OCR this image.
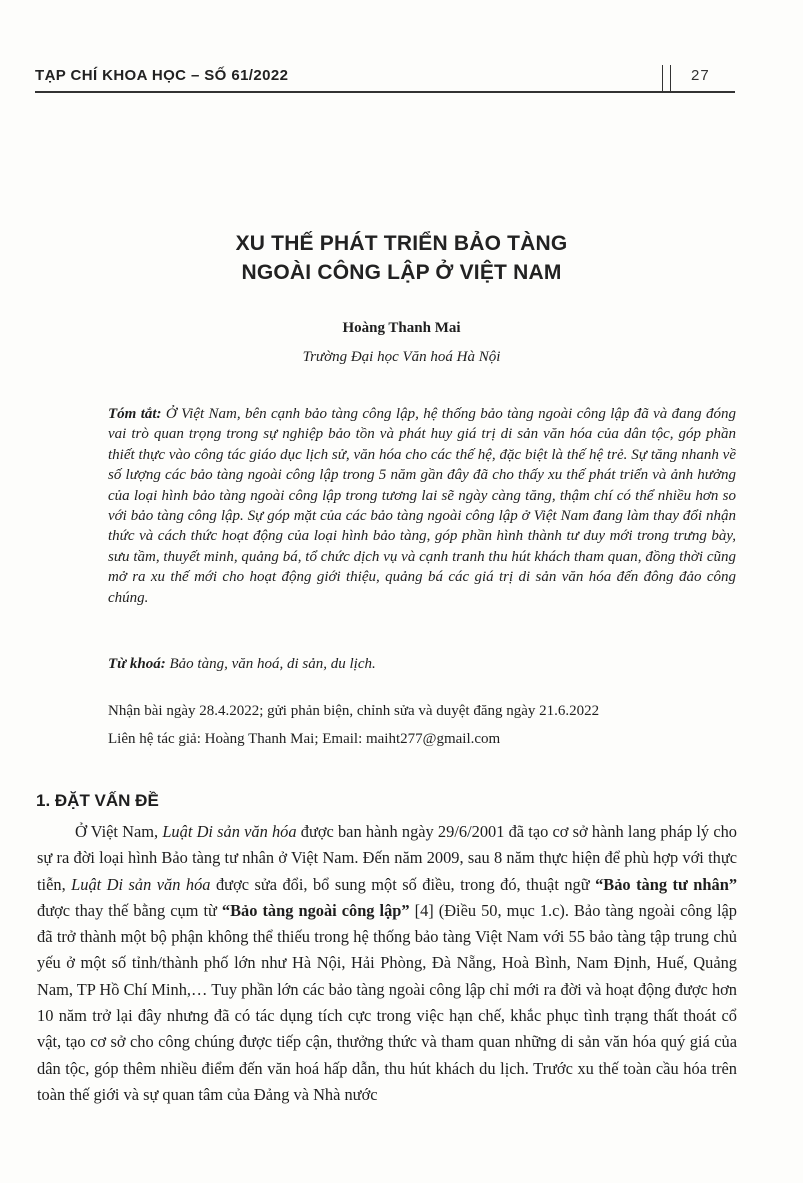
TẠP CHÍ KHOA HỌC – SỐ 61/2022	27
XU THẾ PHÁT TRIỂN BẢO TÀNG
NGOÀI CÔNG LẬP Ở VIỆT NAM
Hoàng Thanh Mai
Trường Đại học Văn hoá Hà Nội
Tóm tắt: Ở Việt Nam, bên cạnh bảo tàng công lập, hệ thống bảo tàng ngoài công lập đã và đang đóng vai trò quan trọng trong sự nghiệp bảo tồn và phát huy giá trị di sản văn hóa của dân tộc, góp phần thiết thực vào công tác giáo dục lịch sử, văn hóa cho các thế hệ, đặc biệt là thế hệ trẻ. Sự tăng nhanh về số lượng các bảo tàng ngoài công lập trong 5 năm gần đây đã cho thấy xu thế phát triển và ảnh hưởng của loại hình bảo tàng ngoài công lập trong tương lai sẽ ngày càng tăng, thậm chí có thể nhiều hơn so với bảo tàng công lập. Sự góp mặt của các bảo tàng ngoài công lập ở Việt Nam đang làm thay đổi nhận thức và cách thức hoạt động của loại hình bảo tàng, góp phần hình thành tư duy mới trong trưng bày, sưu tầm, thuyết minh, quảng bá, tổ chức dịch vụ và cạnh tranh thu hút khách tham quan, đồng thời cũng mở ra xu thế mới cho hoạt động giới thiệu, quảng bá các giá trị di sản văn hóa đến đông đảo công chúng.
Từ khoá: Bảo tàng, văn hoá, di sản, du lịch.
Nhận bài ngày 28.4.2022; gửi phản biện, chỉnh sửa và duyệt đăng ngày 21.6.2022
Liên hệ tác giả: Hoàng Thanh Mai; Email: maiht277@gmail.com
1. ĐẶT VẤN ĐỀ
Ở Việt Nam, Luật Di sản văn hóa được ban hành ngày 29/6/2001 đã tạo cơ sở hành lang pháp lý cho sự ra đời loại hình Bảo tàng tư nhân ở Việt Nam. Đến năm 2009, sau 8 năm thực hiện để phù hợp với thực tiễn, Luật Di sản văn hóa được sửa đổi, bổ sung một số điều, trong đó, thuật ngữ “Bảo tàng tư nhân” được thay thế bằng cụm từ “Bảo tàng ngoài công lập” [4] (Điều 50, mục 1.c). Bảo tàng ngoài công lập đã trở thành một bộ phận không thể thiếu trong hệ thống bảo tàng Việt Nam với 55 bảo tàng tập trung chủ yếu ở một số tỉnh/thành phố lớn như Hà Nội, Hải Phòng, Đà Nẵng, Hoà Bình, Nam Định, Huế, Quảng Nam, TP Hồ Chí Minh,… Tuy phần lớn các bảo tàng ngoài công lập chỉ mới ra đời và hoạt động được hơn 10 năm trở lại đây nhưng đã có tác dụng tích cực trong việc hạn chế, khắc phục tình trạng thất thoát cổ vật, tạo cơ sở cho công chúng được tiếp cận, thưởng thức và tham quan những di sản văn hóa quý giá của dân tộc, góp thêm nhiều điểm đến văn hoá hấp dẫn, thu hút khách du lịch. Trước xu thế toàn cầu hóa trên toàn thế giới và sự quan tâm của Đảng và Nhà nước
